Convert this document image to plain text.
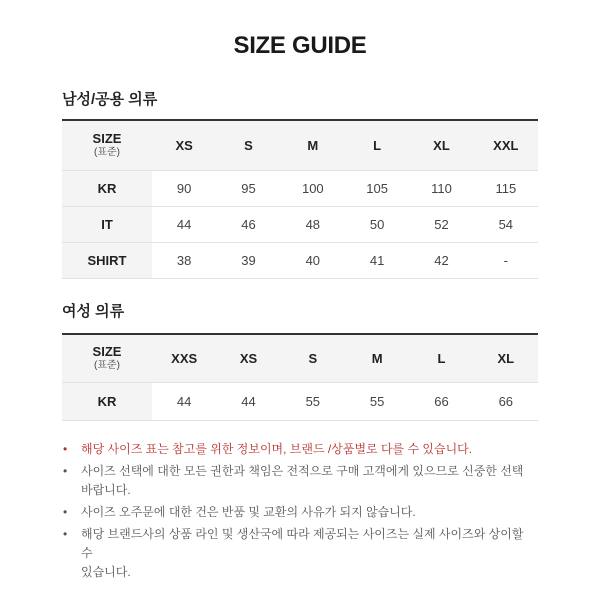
SIZE GUIDE
남성/공용 의류
SIZE
(표준)	XS	S	M	L	XL	XXL
KR	90	95	100	105	110	115
IT	44	46	48	50	52	54
SHIRT	38	39	40	41	42	-
여성 의류
SIZE
(표준)	XXS	XS	S	M	L	XL
KR	44	44	55	55	66	66
•	해당 사이즈 표는 참고를 위한 정보이며, 브랜드 /상품별로 다를 수 있습니다.
•	사이즈 선택에 대한 모든 권한과 책임은 전적으로 구매 고객에게 있으므로 신중한 선택
바랍니다.
•	사이즈 오주문에 대한 건은 반품 및 교환의 사유가 되지 않습니다.
•	해당 브랜드사의 상품 라인 및 생산국에 따라 제공되는 사이즈는 실제 사이즈와 상이할 수
있습니다.
